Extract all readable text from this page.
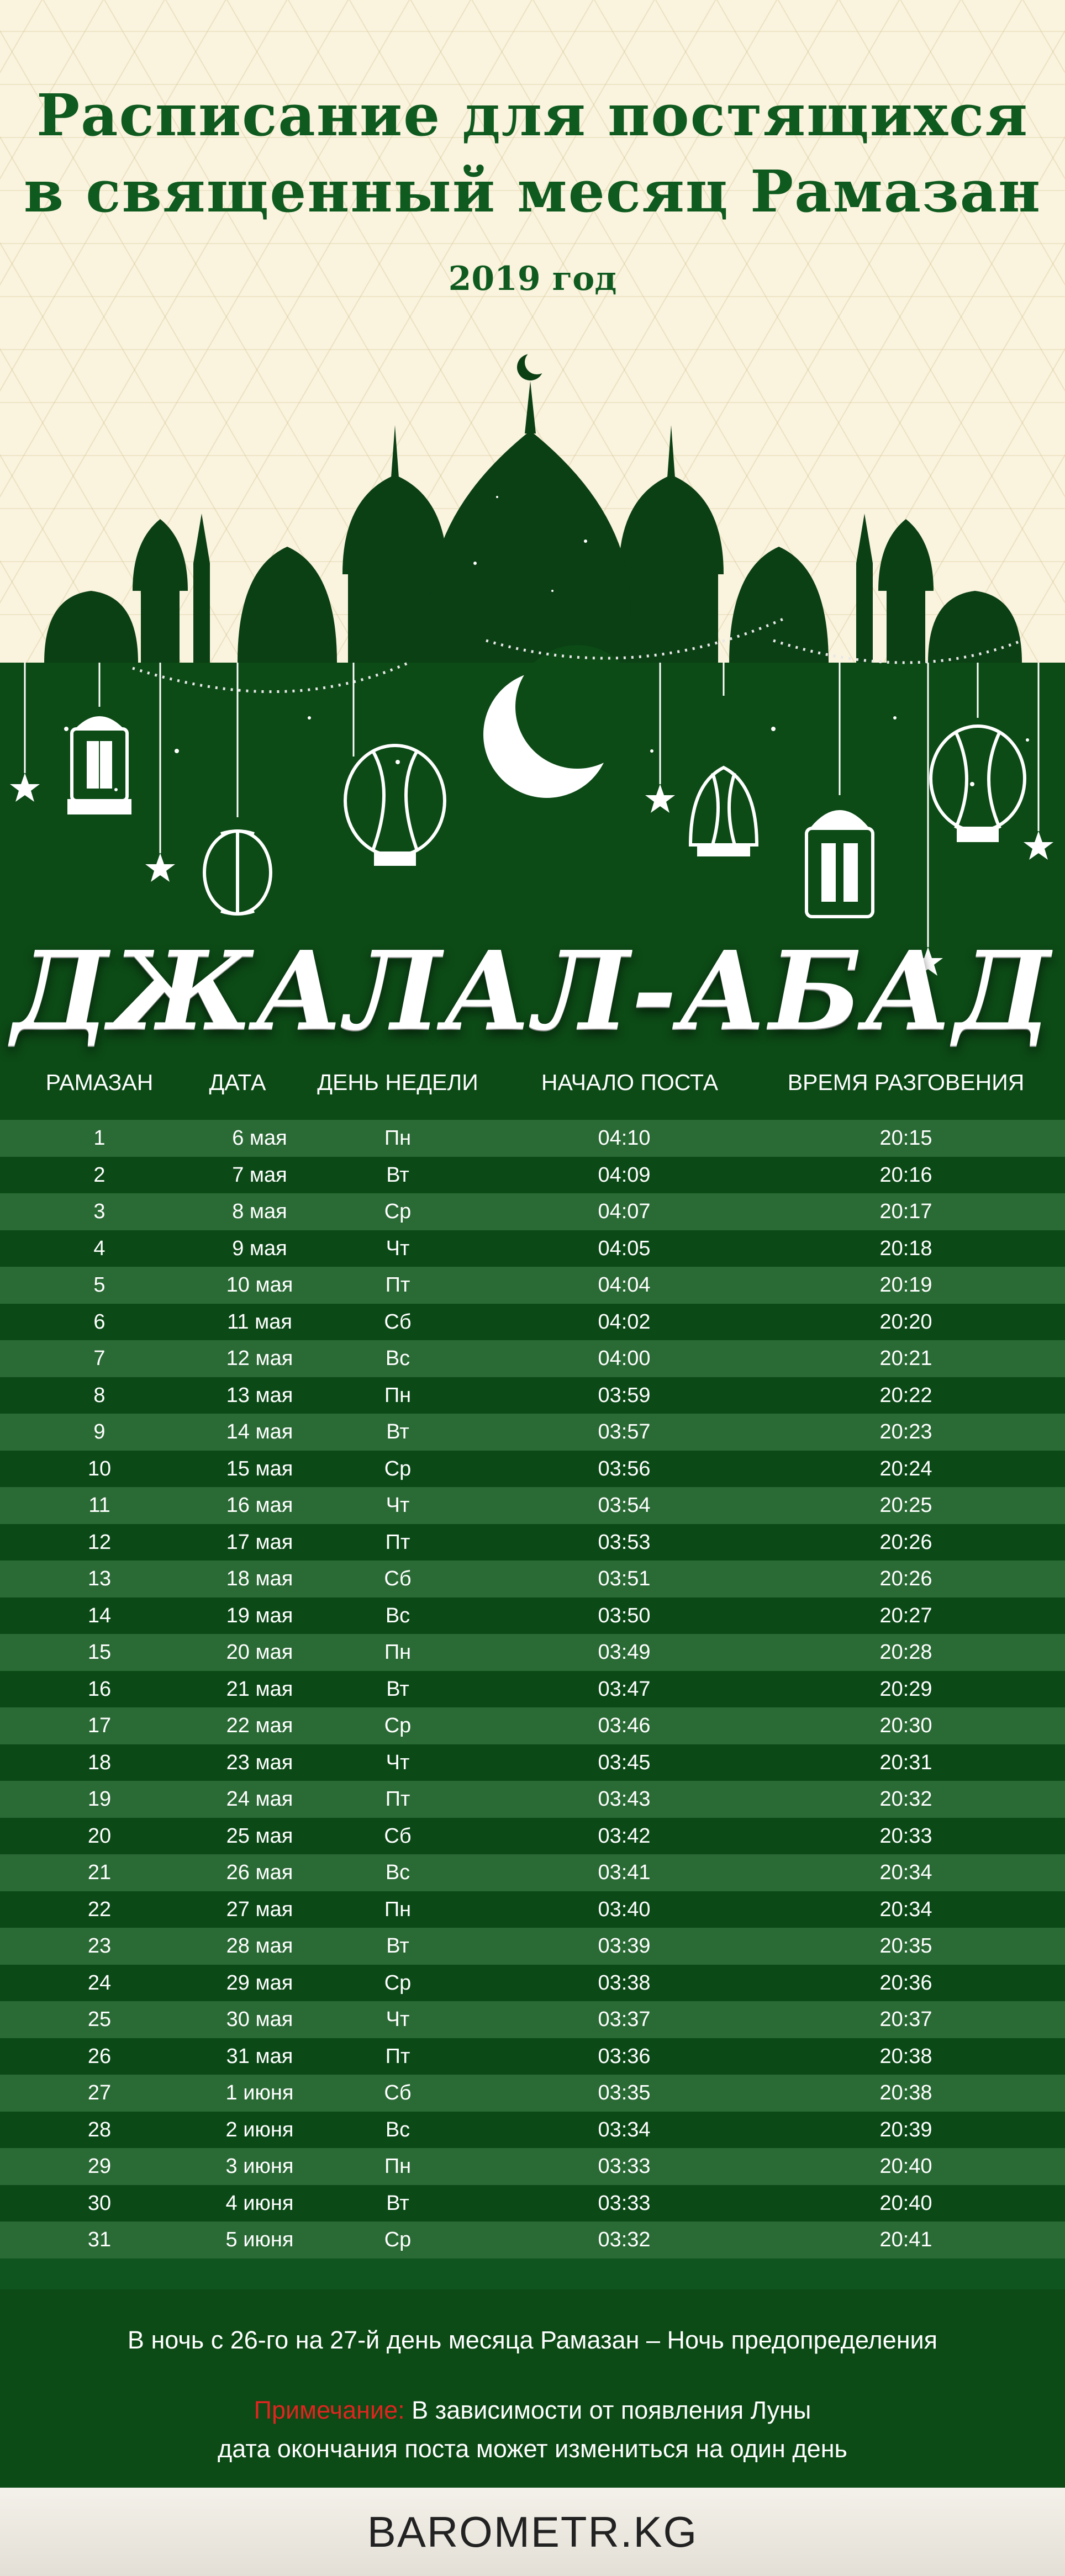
Расписание для постящихся
в священный месяц Рамазан
2019 год
ДЖАЛАЛ-АБАД
РАМАЗАН	ДАТА	ДЕНЬ НЕДЕЛИ	НАЧАЛО ПОСТА	ВРЕМЯ РАЗГОВЕНИЯ
1	6 мая	Пн	04:10	20:15
2	7 мая	Вт	04:09	20:16
3	8 мая	Ср	04:07	20:17
4	9 мая	Чт	04:05	20:18
5	10 мая	Пт	04:04	20:19
6	11 мая	Сб	04:02	20:20
7	12 мая	Вс	04:00	20:21
8	13 мая	Пн	03:59	20:22
9	14 мая	Вт	03:57	20:23
10	15 мая	Ср	03:56	20:24
11	16 мая	Чт	03:54	20:25
12	17 мая	Пт	03:53	20:26
13	18 мая	Сб	03:51	20:26
14	19 мая	Вс	03:50	20:27
15	20 мая	Пн	03:49	20:28
16	21 мая	Вт	03:47	20:29
17	22 мая	Ср	03:46	20:30
18	23 мая	Чт	03:45	20:31
19	24 мая	Пт	03:43	20:32
20	25 мая	Сб	03:42	20:33
21	26 мая	Вс	03:41	20:34
22	27 мая	Пн	03:40	20:34
23	28 мая	Вт	03:39	20:35
24	29 мая	Ср	03:38	20:36
25	30 мая	Чт	03:37	20:37
26	31 мая	Пт	03:36	20:38
27	1 июня	Сб	03:35	20:38
28	2 июня	Вс	03:34	20:39
29	3 июня	Пн	03:33	20:40
30	4 июня	Вт	03:33	20:40
31	5 июня	Ср	03:32	20:41
В ночь с 26-го на 27-й день месяца Рамазан – Ночь предопределения
Примечание: В зависимости от появления Луны
дата окончания поста может измениться на один день
BAROMETR.KG
